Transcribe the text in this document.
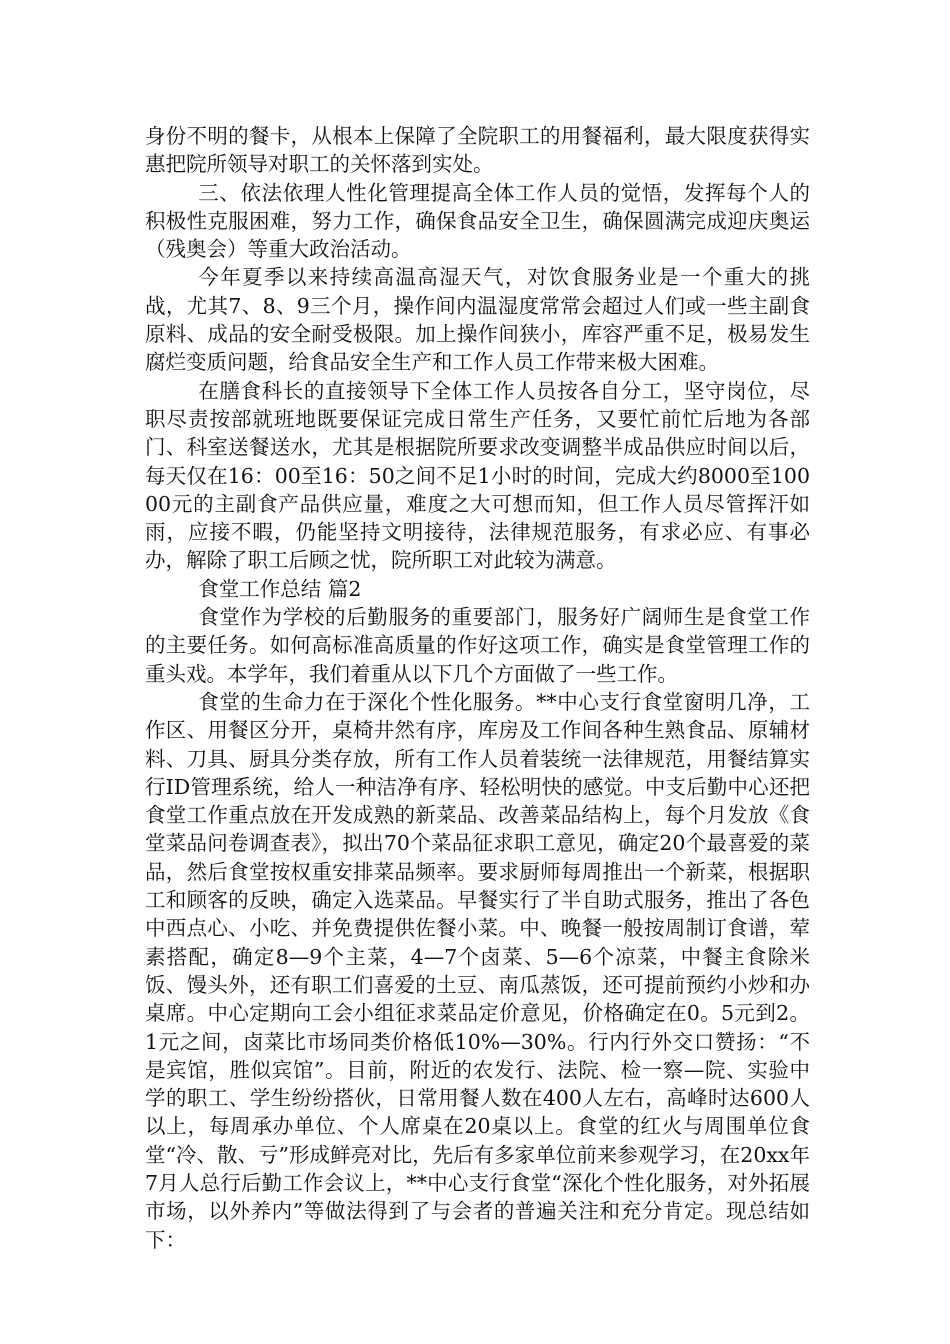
身份不明的餐卡，从根本上保障了全院职工的用餐福利，最大限度获得实惠把院所领导对职工的关怀落到实处。

三、依法依理人性化管理提高全体工作人员的觉悟，发挥每个人的积极性克服困难，努力工作，确保食品安全卫生，确保圆满完成迎庆奥运（残奥会）等重大政治活动。

今年夏季以来持续高温高湿天气，对饮食服务业是一个重大的挑战，尤其7、8、9三个月，操作间内温湿度常常会超过人们或一些主副食原料、成品的安全耐受极限。加上操作间狭小，库容严重不足，极易发生腐烂变质问题，给食品安全生产和工作人员工作带来极大困难。

在膳食科长的直接领导下全体工作人员按各自分工，坚守岗位，尽职尽责按部就班地既要保证完成日常生产任务，又要忙前忙后地为各部门、科室送餐送水，尤其是根据院所要求改变调整半成品供应时间以后，每天仅在16：00至16：50之间不足1小时的时间，完成大约8000至10000元的主副食产品供应量，难度之大可想而知，但工作人员尽管挥汗如雨，应接不暇，仍能坚持文明接待，法律规范服务，有求必应、有事必办，解除了职工后顾之忧，院所职工对此较为满意。

食堂工作总结 篇2

食堂作为学校的后勤服务的重要部门，服务好广阔师生是食堂工作的主要任务。如何高标准高质量的作好这项工作，确实是食堂管理工作的重头戏。本学年，我们着重从以下几个方面做了一些工作。

食堂的生命力在于深化个性化服务。**中心支行食堂窗明几净，工作区、用餐区分开，桌椅井然有序，库房及工作间各种生熟食品、原辅材料、刀具、厨具分类存放，所有工作人员着装统一法律规范，用餐结算实行ID管理系统，给人一种洁净有序、轻松明快的感觉。中支后勤中心还把食堂工作重点放在开发成熟的新菜品、改善菜品结构上，每个月发放《食堂菜品问卷调查表》，拟出70个菜品征求职工意见，确定20个最喜爱的菜品，然后食堂按权重安排菜品频率。要求厨师每周推出一个新菜，根据职工和顾客的反映，确定入选菜品。早餐实行了半自助式服务，推出了各色中西点心、小吃、并免费提供佐餐小菜。中、晚餐一般按周制订食谱，荤素搭配，确定8—9个主菜，4—7个卤菜、5—6个凉菜，中餐主食除米饭、馒头外，还有职工们喜爱的土豆、南瓜蒸饭，还可提前预约小炒和办桌席。中心定期向工会小组征求菜品定价意见，价格确定在0。5元到2。1元之间，卤菜比市场同类价格低10%—30%。行内行外交口赞扬：“不是宾馆，胜似宾馆”。目前，附近的农发行、法院、检一察—院、实验中学的职工、学生纷纷搭伙，日常用餐人数在400人左右，高峰时达600人以上，每周承办单位、个人席桌在20桌以上。食堂的红火与周围单位食堂“冷、散、亏”形成鲜亮对比，先后有多家单位前来参观学习，在20xx年7月人总行后勤工作会议上，**中心支行食堂“深化个性化服务，对外拓展市场，以外养内”等做法得到了与会者的普遍关注和充分肯定。现总结如下：
